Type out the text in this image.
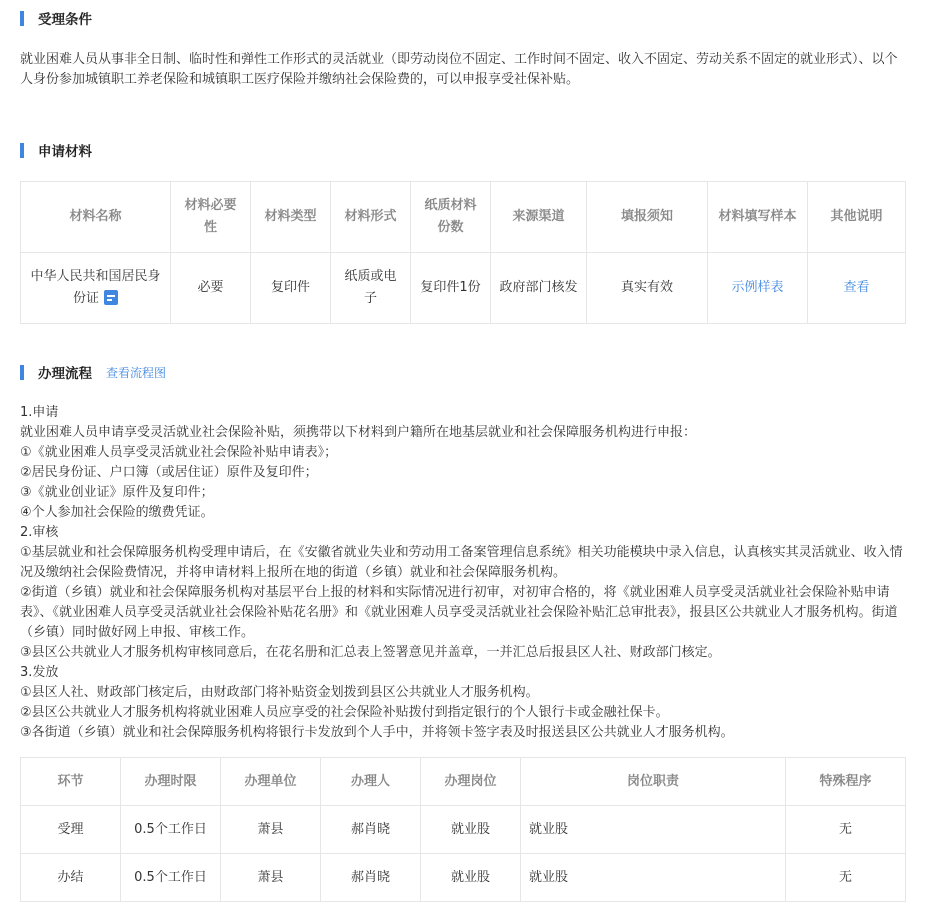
受理条件
就业困难人员从事非全日制、临时性和弹性工作形式的灵活就业（即劳动岗位不固定、工作时间不固定、收入不固定、劳动关系不固定的就业形式）、以个人身份参加城镇职工养老保险和城镇职工医疗保险并缴纳社会保险费的，可以申报享受社保补贴。
申请材料
材料名称	材料必要性	材料类型	材料形式	纸质材料份数	来源渠道	填报须知	材料填写样本	其他说明
中华人民共和国居民身份证	必要	复印件	纸质或电子	复印件1份	政府部门核发	真实有效	示例样表	查看
办理流程 查看流程图
1.申请
就业困难人员申请享受灵活就业社会保险补贴，须携带以下材料到户籍所在地基层就业和社会保障服务机构进行申报：
①《就业困难人员享受灵活就业社会保险补贴申请表》；
②居民身份证、户口簿（或居住证）原件及复印件；
③《就业创业证》原件及复印件；
④个人参加社会保险的缴费凭证。
2.审核
①基层就业和社会保障服务机构受理申请后，在《安徽省就业失业和劳动用工备案管理信息系统》相关功能模块中录入信息，认真核实其灵活就业、收入情况及缴纳社会保险费情况，并将申请材料上报所在地的街道（乡镇）就业和社会保障服务机构。
②街道（乡镇）就业和社会保障服务机构对基层平台上报的材料和实际情况进行初审，对初审合格的，将《就业困难人员享受灵活就业社会保险补贴申请表》、《就业困难人员享受灵活就业社会保险补贴花名册》和《就业困难人员享受灵活就业社会保险补贴汇总审批表》，报县区公共就业人才服务机构。街道（乡镇）同时做好网上申报、审核工作。
③县区公共就业人才服务机构审核同意后，在花名册和汇总表上签署意见并盖章，一并汇总后报县区人社、财政部门核定。
3.发放
①县区人社、财政部门核定后，由财政部门将补贴资金划拨到县区公共就业人才服务机构。
②县区公共就业人才服务机构将就业困难人员应享受的社会保险补贴拨付到指定银行的个人银行卡或金融社保卡。
③各街道（乡镇）就业和社会保障服务机构将银行卡发放到个人手中，并将领卡签字表及时报送县区公共就业人才服务机构。
环节	办理时限	办理单位	办理人	办理岗位	岗位职责	特殊程序
受理	0.5个工作日	萧县	郝肖晓	就业股	就业股	无
办结	0.5个工作日	萧县	郝肖晓	就业股	就业股	无
